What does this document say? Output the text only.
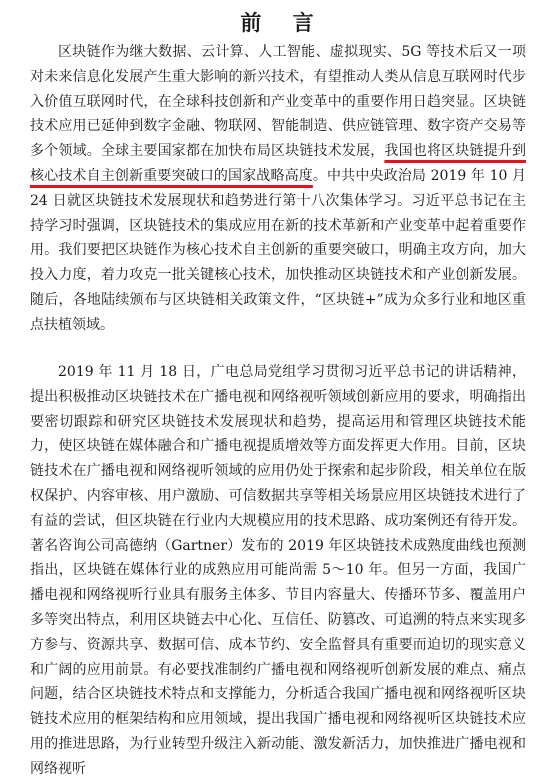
前 言

区块链作为继大数据、云计算、人工智能、虚拟现实、5G 等技术后又一项对未来信息化发展产生重大影响的新兴技术，有望推动人类从信息互联网时代步入价值互联网时代，在全球科技创新和产业变革中的重要作用日趋突显。区块链技术应用已延伸到数字金融、物联网、智能制造、供应链管理、数字资产交易等多个领域。全球主要国家都在加快布局区块链技术发展，我国也将区块链提升到核心技术自主创新重要突破口的国家战略高度。中共中央政治局 2019 年 10 月 24 日就区块链技术发展现状和趋势进行第十八次集体学习。习近平总书记在主持学习时强调，区块链技术的集成应用在新的技术革新和产业变革中起着重要作用。我们要把区块链作为核心技术自主创新的重要突破口，明确主攻方向，加大投入力度，着力攻克一批关键核心技术，加快推动区块链技术和产业创新发展。随后，各地陆续颁布与区块链相关政策文件，“区块链+”成为众多行业和地区重点扶植领域。

2019 年 11 月 18 日，广电总局党组学习贯彻习近平总书记的讲话精神，提出积极推动区块链技术在广播电视和网络视听领域创新应用的要求，明确指出要密切跟踪和研究区块链技术发展现状和趋势，提高运用和管理区块链技术能力，使区块链在媒体融合和广播电视提质增效等方面发挥更大作用。目前，区块链技术在广播电视和网络视听领域的应用仍处于探索和起步阶段，相关单位在版权保护、内容审核、用户激励、可信数据共享等相关场景应用区块链技术进行了有益的尝试，但区块链在行业内大规模应用的技术思路、成功案例还有待开发。著名咨询公司高德纳（Gartner）发布的 2019 年区块链技术成熟度曲线也预测指出，区块链在媒体行业的成熟应用可能尚需 5～10 年。但另一方面，我国广播电视和网络视听行业具有服务主体多、节目内容量大、传播环节多、覆盖用户多等突出特点，利用区块链去中心化、互信任、防篡改、可追溯的特点来实现多方参与、资源共享、数据可信、成本节约、安全监督具有重要而迫切的现实意义和广阔的应用前景。有必要找准制约广播电视和网络视听创新发展的难点、痛点问题，结合区块链技术特点和支撑能力，分析适合我国广播电视和网络视听区块链技术应用的框架结构和应用领域，提出我国广播电视和网络视听区块链技术应用的推进思路，为行业转型升级注入新动能、激发新活力，加快推进广播电视和网络视听
